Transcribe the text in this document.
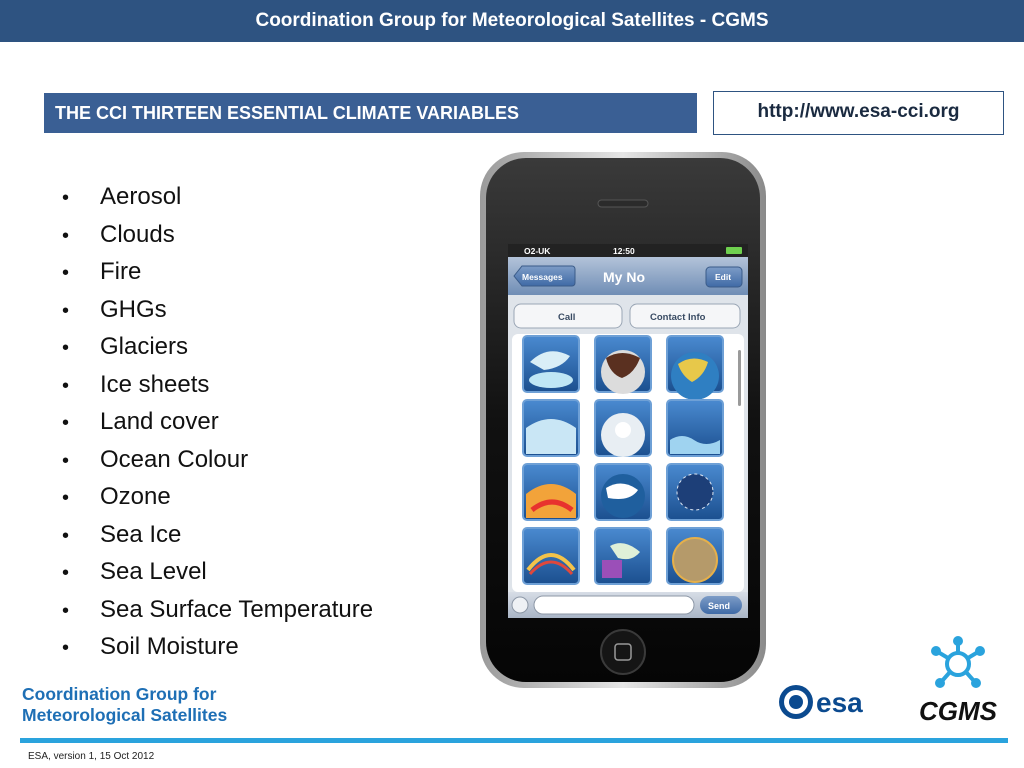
Coordination Group for Meteorological Satellites - CGMS
THE CCI THIRTEEN ESSENTIAL CLIMATE VARIABLES	http://www.esa-cci.org
• Aerosol
• Clouds
• Fire
• GHGs
• Glaciers
• Ice sheets
• Land cover
• Ocean Colour
• Ozone
• Sea Ice
• Sea Level
• Sea Surface Temperature
• Soil Moisture
O2-UK	12:50
Messages	My No	Edit
Call	Contact Info
Send
Coordination Group for
Meteorological Satellites	esa CGMS
ESA, version 1, 15 Oct 2012
